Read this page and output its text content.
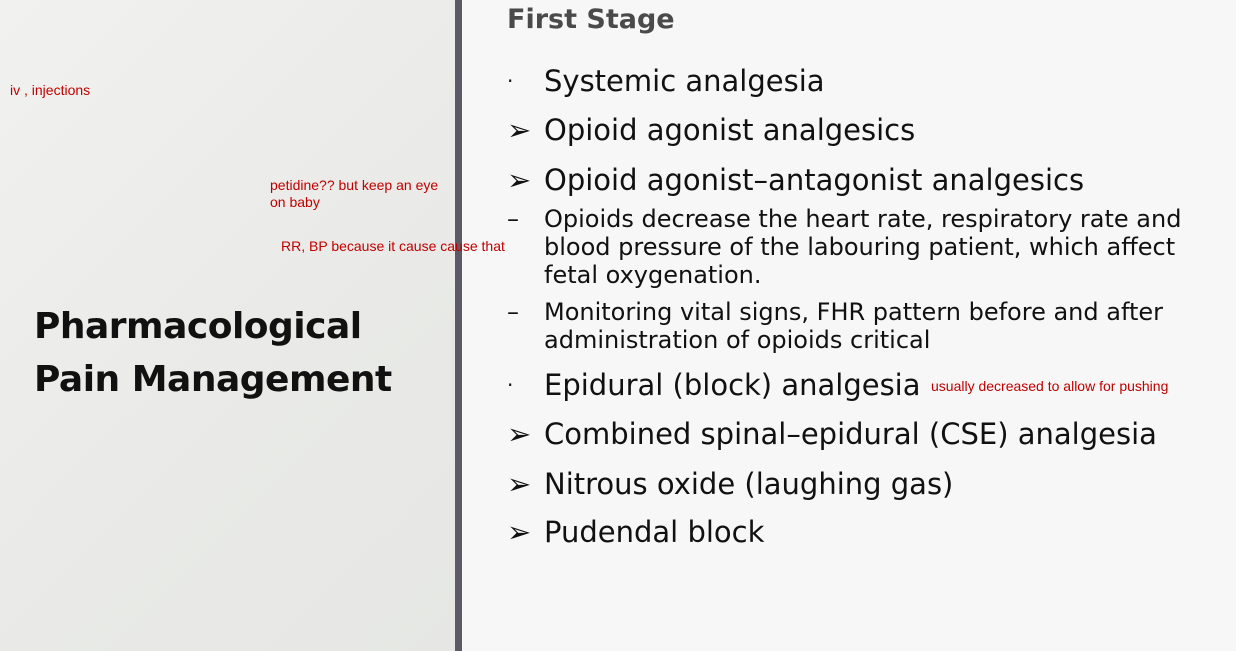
Pharmacological
Pain Management

iv , injections

petidine?? but keep an eye on baby

First Stage
·	Systemic analgesia
➢ Opioid agonist analgesics
➢ Opioid agonist–antagonist analgesics
–	Opioids decrease the heart rate, respiratory rate and blood pressure of the labouring patient, which affect fetal oxygenation.
–	Monitoring vital signs, FHR pattern before and after administration of opioids critical
·	Epidural (block) analgesia
➢ Combined spinal–epidural (CSE) analgesia
➢ Nitrous oxide (laughing gas)
➢ Pudendal block

RR, BP because it cause cause that

usually decreased to allow for pushing
